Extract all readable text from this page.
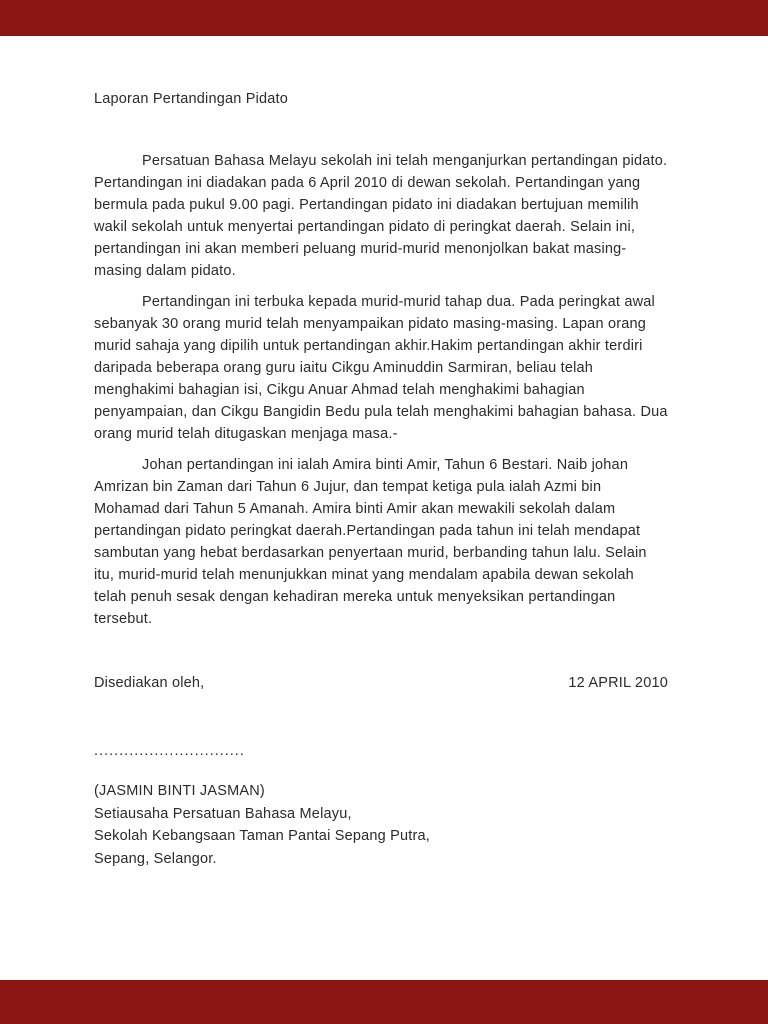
Laporan Pertandingan Pidato

Persatuan Bahasa Melayu sekolah ini telah menganjurkan pertandingan pidato. Pertandingan ini diadakan pada 6 April 2010 di dewan sekolah. Pertandingan yang bermula pada pukul 9.00 pagi. Pertandingan pidato ini diadakan bertujuan memilih wakil sekolah untuk menyertai pertandingan pidato di peringkat daerah. Selain ini, pertandingan ini akan memberi peluang murid-murid menonjolkan bakat masing-masing dalam pidato.

Pertandingan ini terbuka kepada murid-murid tahap dua. Pada peringkat awal sebanyak 30 orang murid telah menyampaikan pidato masing-masing. Lapan orang murid sahaja yang dipilih untuk pertandingan akhir.Hakim pertandingan akhir terdiri daripada beberapa orang guru iaitu Cikgu Aminuddin Sarmiran, beliau telah menghakimi bahagian isi, Cikgu Anuar Ahmad telah menghakimi bahagian penyampaian, dan Cikgu Bangidin Bedu pula telah menghakimi bahagian bahasa. Dua orang murid telah ditugaskan menjaga masa.-

Johan pertandingan ini ialah Amira binti Amir, Tahun 6 Bestari. Naib johan Amrizan bin Zaman dari Tahun 6 Jujur, dan tempat ketiga pula ialah Azmi bin Mohamad dari Tahun 5 Amanah. Amira binti Amir akan mewakili sekolah dalam pertandingan pidato peringkat daerah.Pertandingan pada tahun ini telah mendapat sambutan yang hebat berdasarkan penyertaan murid, berbanding tahun lalu. Selain itu, murid-murid telah menunjukkan minat yang mendalam apabila dewan sekolah telah penuh sesak dengan kehadiran mereka untuk menyeksikan pertandingan tersebut.

Disediakan oleh,	12 APRIL 2010
..............................
(JASMIN BINTI JASMAN)
Setiausaha Persatuan Bahasa Melayu,
Sekolah Kebangsaan Taman Pantai Sepang Putra,
Sepang, Selangor.
